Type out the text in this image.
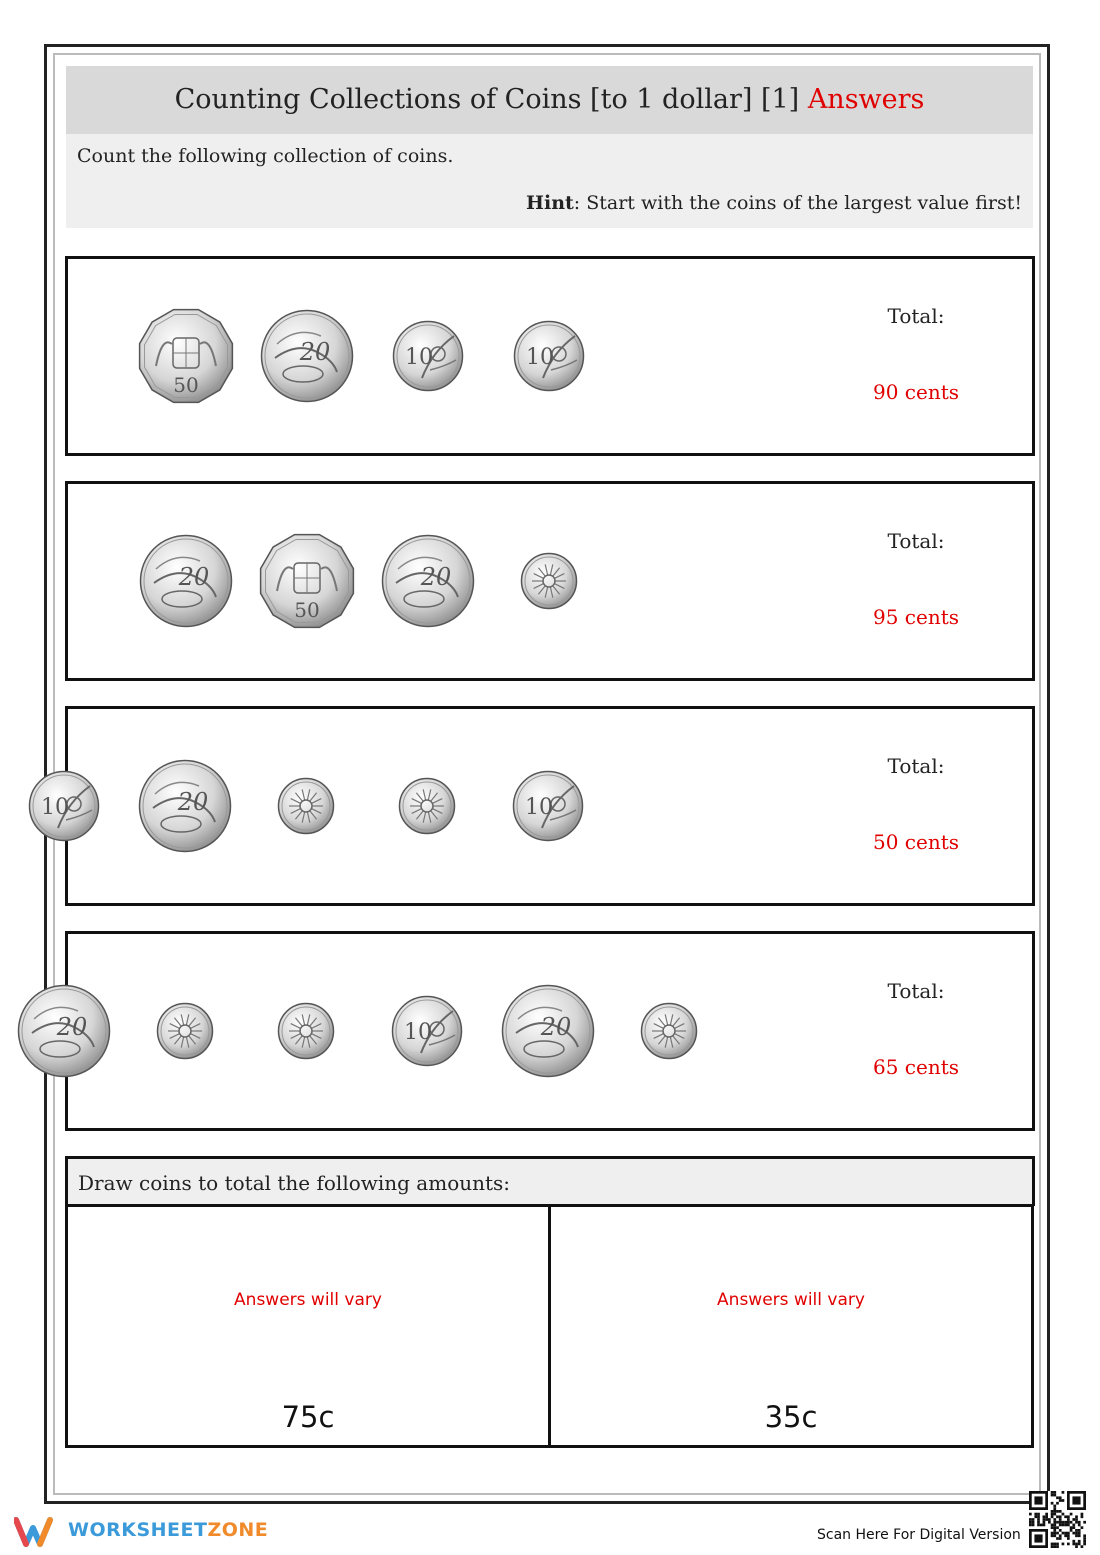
Counting Collections of Coins [to 1 dollar] [1] Answers
Count the following collection of coins.
Hint: Start with the coins of the largest value first!
Total:
90 cents
50
20	10	10
Total:
95 cents
20
50
20
Total:
50 cents
10	20	10
Total:
65 cents
20	10	20
Draw coins to total the following amounts:
Answers will vary
75c
Answers will vary
35c
WORKSHEETZONE	Scan Here For Digital Version
